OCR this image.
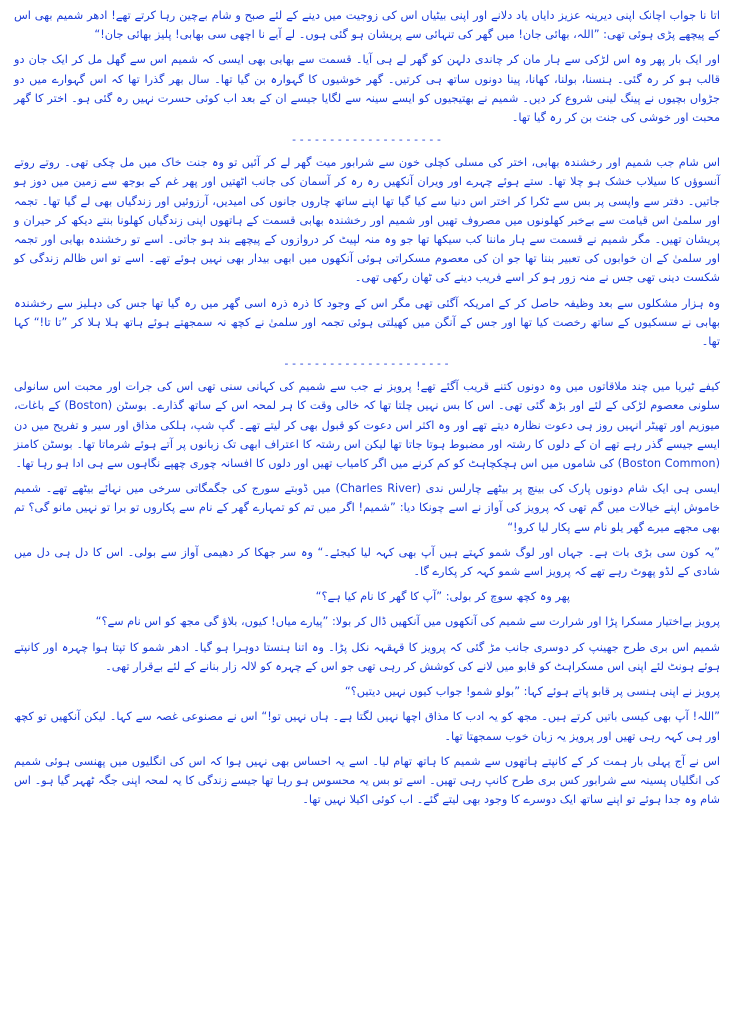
اتا نا جواب اچانک اپنی دیرینہ عزیز دایاں یاد دلانے اور اپنی بیٹیاں اس کی زوجیت میں دینے کے لئے صبح و شام بےچین رہا کرتے تھے! ادھر شمیم بھی اس کے پیچھے پڑی ہوئی تھی: ”اللہ، بھائی جان! میں گھر کی تنہائی سے پریشان ہو گئی ہوں۔ لے آیے نا اچھی سی بھابی! پلیز بھائی جان!“

اور ایک بار پھر وہ اس لڑکی سے ہار مان کر چاندی دلہن کو گھر لے ہی آیا۔ قسمت سے بھابی بھی ایسی کہ شمیم اس سے گھل مل کر ایک جان دو قالب ہو کر رہ گئی۔ ہنسنا، بولنا، کھانا، پینا دونوں ساتھ ہی کرتیں۔ گھر خوشیوں کا گہوارہ بن گیا تھا۔ سال بھر گذرا تھا کہ اس گہوارے میں دو جڑواں بچیوں نے پینگ لینی شروع کر دیں۔ شمیم نے بھتیجیوں کو ایسے سینہ سے لگایا جیسے ان کے بعد اب کوئی حسرت نہیں رہ گئی ہو۔ اختر کا گھر محبت اور خوشی کی جنت بن کر رہ گیا تھا۔

--------------------

اس شام جب شمیم اور رخشندہ بھابی، اختر کی مسلی کچلی خون سے شرابور میت گھر لے کر آئیں تو وہ جنت خاک میں مل چکی تھی۔ روتے روتے آنسوؤں کا سیلاب خشک ہو چلا تھا۔ ستے ہوئے چہرے اور ویران آنکھیں رہ رہ کر آسمان کی جانب اٹھتیں اور پھر غم کے بوجھ سے زمین میں دوز ہو جاتیں۔ دفتر سے واپسی پر بس سے ٹکرا کر اختر اس دنیا سے کیا گیا تھا اپنے ساتھ چاروں جانوں کی امیدیں، آرزوئیں اور زندگیاں بھی لے گیا تھا۔ تجمہ اور سلمیٰ اس قیامت سے بےخبر کھلونوں میں مصروف تھیں اور شمیم اور رخشندہ بھابی قسمت کے ہاتھوں اپنی زندگیاں کھلونا بنتے دیکھ کر حیران و پریشان تھیں۔ مگر شمیم نے قسمت سے ہار ماننا کب سیکھا تھا جو وہ منہ لپیٹ کر دروازوں کے پیچھے بند ہو جاتی۔ اسے تو رخشندہ بھابی اور تجمہ اور سلمیٰ کے ان خوابوں کی تعبیر بننا تھا جو ان کی معصوم مسکراتی ہوئی آنکھوں میں ابھی بیدار بھی نہیں ہوئے تھے۔ اسے تو اس ظالم زندگی کو شکست دینی تھی جس نے منہ زور ہو کر اسے فریب دینے کی ٹھان رکھی تھی۔

وہ ہزار مشکلوں سے بعد وظیفہ حاصل کر کے امریکہ آگئی تھی مگر اس کے وجود کا ذرہ ذرہ اسی گھر میں رہ گیا تھا جس کی دہلیز سے رخشندہ بھابی نے سسکیوں کے ساتھ رخصت کیا تھا اور جس کے آنگن میں کھیلتی ہوئی تجمہ اور سلمیٰ نے کچھ نہ سمجھتے ہوئے ہاتھ ہلا ہلا کر ”تا تا!“ کہا تھا۔

----------------------

کیفے ٹیریا میں چند ملاقاتوں میں وہ دونوں کتنے قریب آگئے تھے! پرویز نے جب سے شمیم کی کہانی سنی تھی اس کی جرات اور محبت اس سانولی سلونی معصوم لڑکی کے لئے اور بڑھ گئی تھی۔ اس کا بس نہیں چلتا تھا کہ خالی وقت کا ہر لمحہ اس کے ساتھ گذارے۔ بوسٹن (Boston) کے باغات، میوزیم اور تھیٹر انہیں روز ہی دعوت نظارہ دیتے تھے اور وہ اکثر اس دعوت کو قبول بھی کر لیتے تھے۔ گپ شپ، ہلکی مذاق اور سیر و تفریح میں دن ایسے جیسے گذر رہے تھے ان کے دلوں کا رشتہ اور مضبوط ہوتا جاتا تھا لیکن اس رشتہ کا اعتراف ابھی تک زبانوں پر آتے ہوئے شرماتا تھا۔ بوسٹن کامنز (Boston Common) کی شاموں میں اس ہچکچاہٹ کو کم کرنے میں اگر کامیاب تھیں اور دلوں کا افسانہ چوری چھپے نگاہوں سے ہی ادا ہو رہا تھا۔

ایسی ہی ایک شام دونوں پارک کی بینچ پر بیٹھے چارلس ندی (Charles River) میں ڈوبتے سورج کی جگمگاتی سرخی میں نہائے بیٹھے تھے۔ شمیم خاموش اپنے خیالات میں گم تھی کہ پرویز کی آواز نے اسے چونکا دیا: ”شمیم! اگر میں تم کو تمہارے گھر کے نام سے پکاروں تو برا تو نہیں مانو گی؟ تم بھی مجھے میرے گھر یلو نام سے پکار لیا کرو!“

”یہ کون سی بڑی بات ہے۔ جہاں اور لوگ شمو کہتے ہیں آپ بھی کہہ لیا کیجئے۔“ وہ سر جھکا کر دھیمی آواز سے بولی۔ اس کا دل ہی دل میں شادی کے لڈو پھوٹ رہے تھے کہ پرویز اسے شمو کہہ کر پکارے گا۔

پھر وہ کچھ سوچ کر بولی: ”آپ کا گھر کا نام کیا ہے؟“

پرویز بےاختیار مسکرا پڑا اور شرارت سے شمیم کی آنکھوں میں آنکھیں ڈال کر بولا: ”پیارے میاں! کیوں، بلاؤ گی مجھ کو اس نام سے؟“

شمیم اس بری طرح جھینپ کر دوسری جانب مڑ گئی کہ پرویز کا قہقہہ نکل پڑا۔ وہ اتنا ہنستا دوہرا ہو گیا۔ ادھر شمو کا تپتا ہوا چہرہ اور کانپتے ہوئے ہونٹ لئے اپنی اس مسکراہٹ کو قابو میں لانے کی کوشش کر رہی تھی جو اس کے چہرہ کو لالہ زار بنانے کے لئے بےقرار تھی۔

پرویز نے اپنی ہنسی پر قابو پاتے ہوئے کہا: ”بولو شمو! جواب کیوں نہیں دیتیں؟“

”اللہ! آپ بھی کیسی باتیں کرتے ہیں۔ مجھ کو یہ ادب کا مذاق اچھا نہیں لگتا ہے۔ ہاں نہیں تو!“ اس نے مصنوعی غصہ سے کہا۔ لیکن آنکھیں تو کچھ اور ہی کہہ رہی تھیں اور پرویز یہ زبان خوب سمجھتا تھا۔

اس نے آج پہلی بار ہمت کر کے کانپتے ہاتھوں سے شمیم کا ہاتھ تھام لیا۔ اسے یہ احساس بھی نہیں ہوا کہ اس کی انگلیوں میں پھنسی ہوئی شمیم کی انگلیاں پسینہ سے شرابور کس بری طرح کانپ رہی تھیں۔ اسے تو بس یہ محسوس ہو رہا تھا جیسے زندگی کا یہ لمحہ اپنی جگہ ٹھہر گیا ہو۔ اس شام وہ جدا ہوئے تو اپنے ساتھ ایک دوسرے کا وجود بھی لیتے گئے۔ اب کوئی اکیلا نہیں تھا۔
